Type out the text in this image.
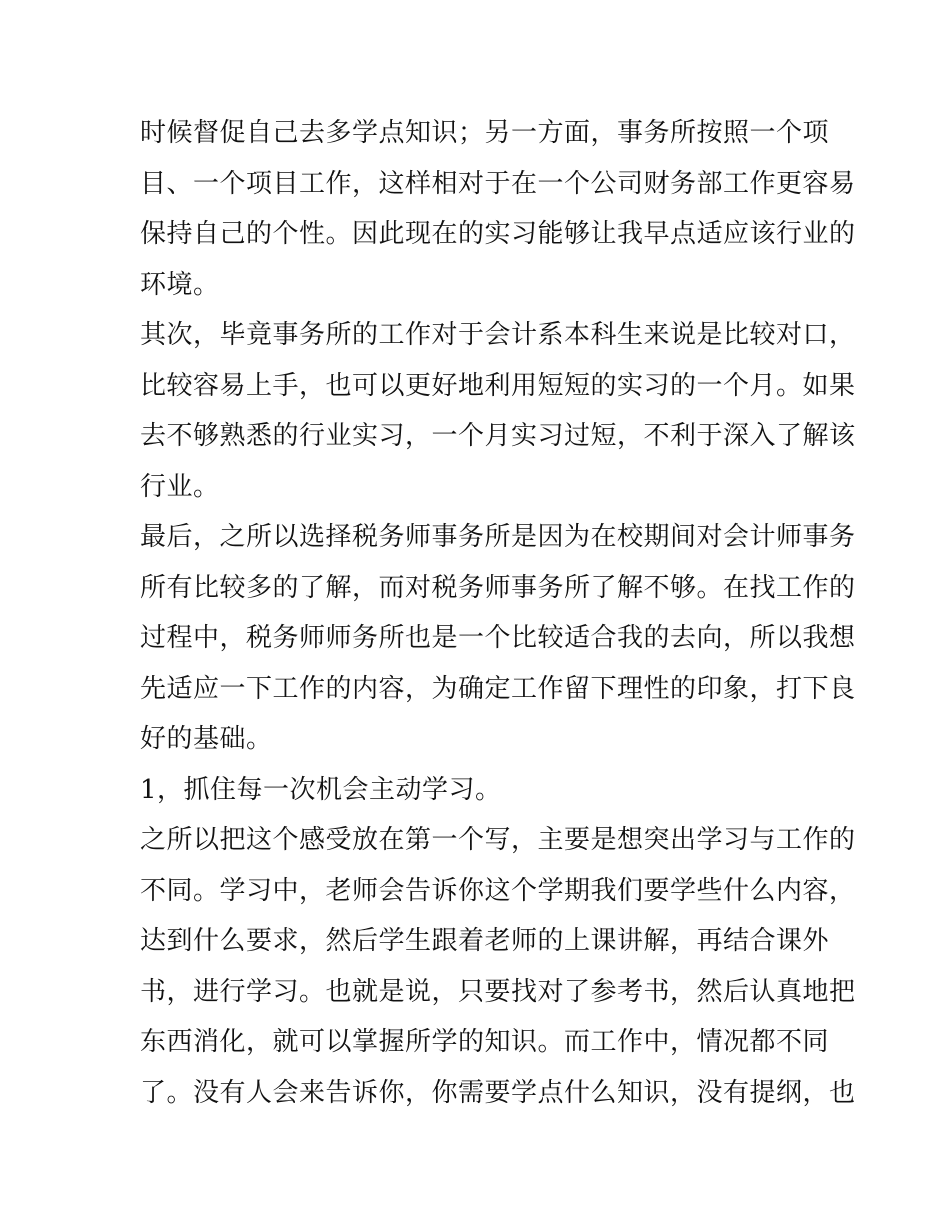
时候督促自己去多学点知识；另一方面，事务所按照一个项
目、一个项目工作，这样相对于在一个公司财务部工作更容易
保持自己的个性。因此现在的实习能够让我早点适应该行业的
环境。
其次，毕竟事务所的工作对于会计系本科生来说是比较对口，
比较容易上手，也可以更好地利用短短的实习的一个月。如果
去不够熟悉的行业实习，一个月实习过短，不利于深入了解该
行业。
最后，之所以选择税务师事务所是因为在校期间对会计师事务
所有比较多的了解，而对税务师事务所了解不够。在找工作的
过程中，税务师师务所也是一个比较适合我的去向，所以我想
先适应一下工作的内容，为确定工作留下理性的印象，打下良
好的基础。
1，抓住每一次机会主动学习。
之所以把这个感受放在第一个写，主要是想突出学习与工作的
不同。学习中，老师会告诉你这个学期我们要学些什么内容，
达到什么要求，然后学生跟着老师的上课讲解，再结合课外
书，进行学习。也就是说，只要找对了参考书，然后认真地把
东西消化，就可以掌握所学的知识。而工作中，情况都不同
了。没有人会来告诉你，你需要学点什么知识，没有提纲，也
